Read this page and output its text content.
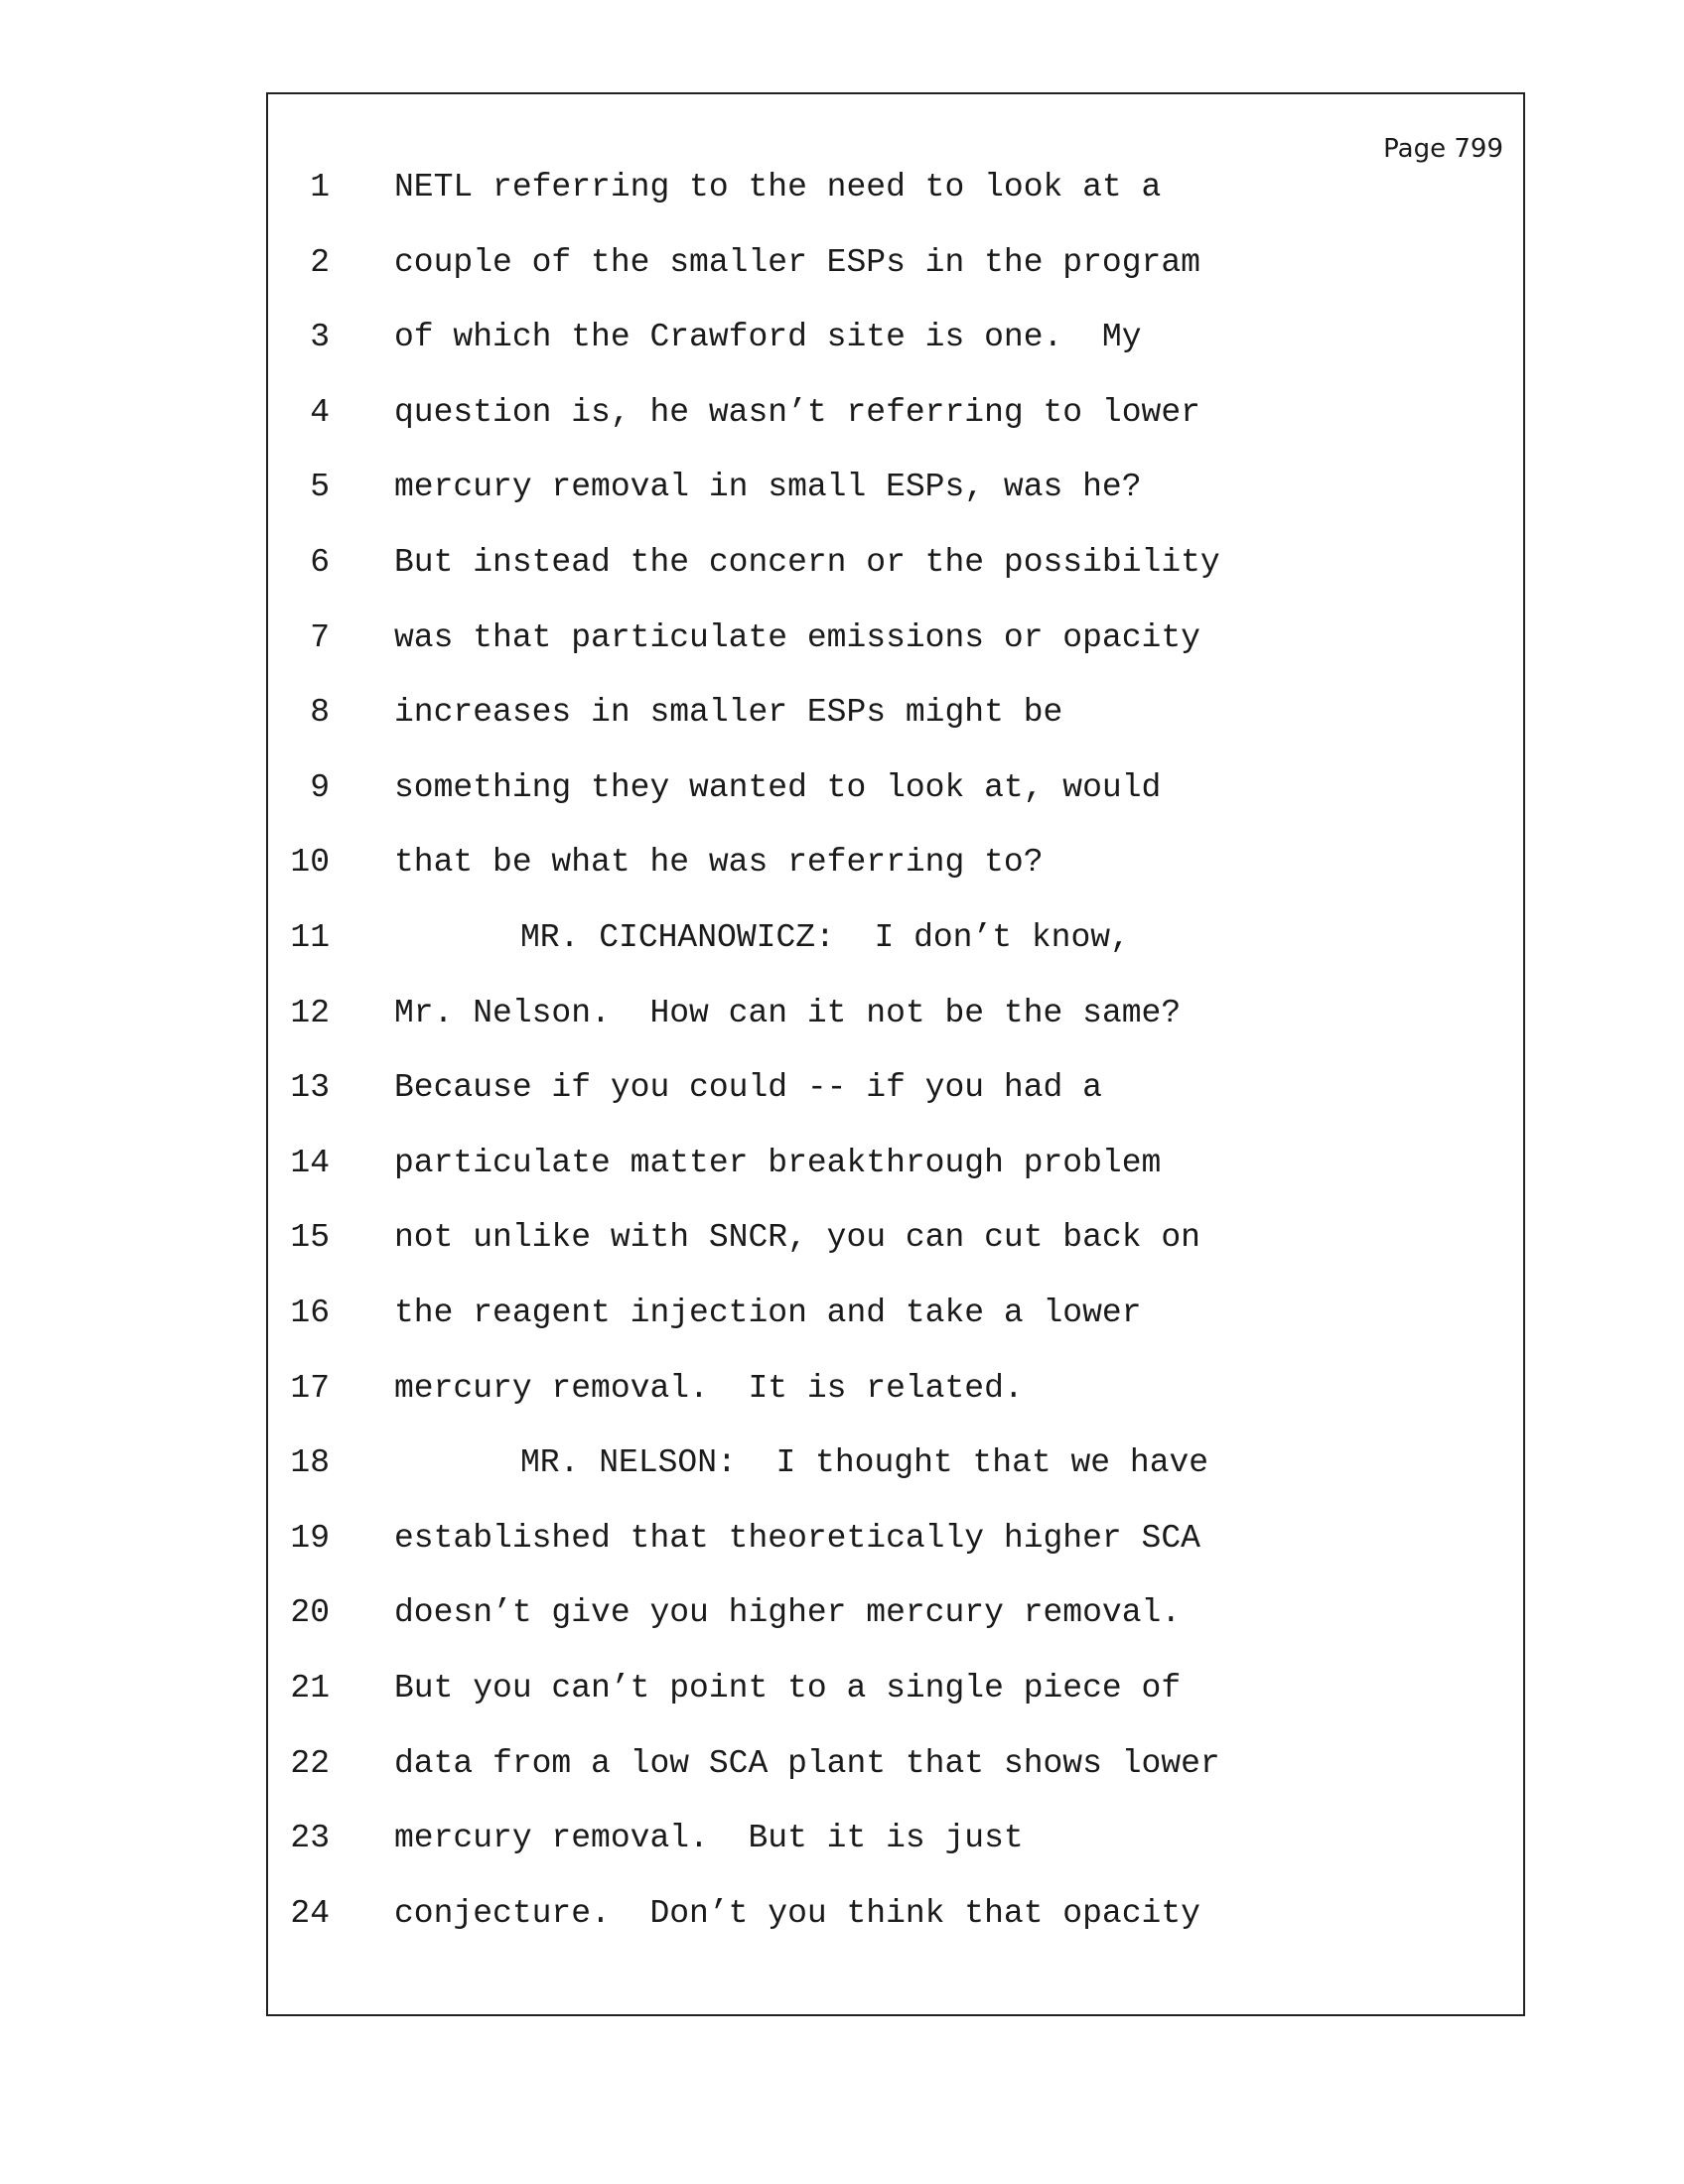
Page 799
1 NETL referring to the need to look at a
2 couple of the smaller ESPs in the program
3 of which the Crawford site is one.  My
4 question is, he wasn’t referring to lower
5 mercury removal in small ESPs, was he?
6 But instead the concern or the possibility
7 was that particulate emissions or opacity
8 increases in smaller ESPs might be
9 something they wanted to look at, would
10 that be what he was referring to?
11	MR. CICHANOWICZ:  I don’t know,
12 Mr. Nelson.  How can it not be the same?
13 Because if you could -- if you had a
14 particulate matter breakthrough problem
15 not unlike with SNCR, you can cut back on
16 the reagent injection and take a lower
17 mercury removal.  It is related.
18	MR. NELSON:  I thought that we have
19 established that theoretically higher SCA
20 doesn’t give you higher mercury removal.
21 But you can’t point to a single piece of
22 data from a low SCA plant that shows lower
23 mercury removal.  But it is just
24 conjecture.  Don’t you think that opacity
